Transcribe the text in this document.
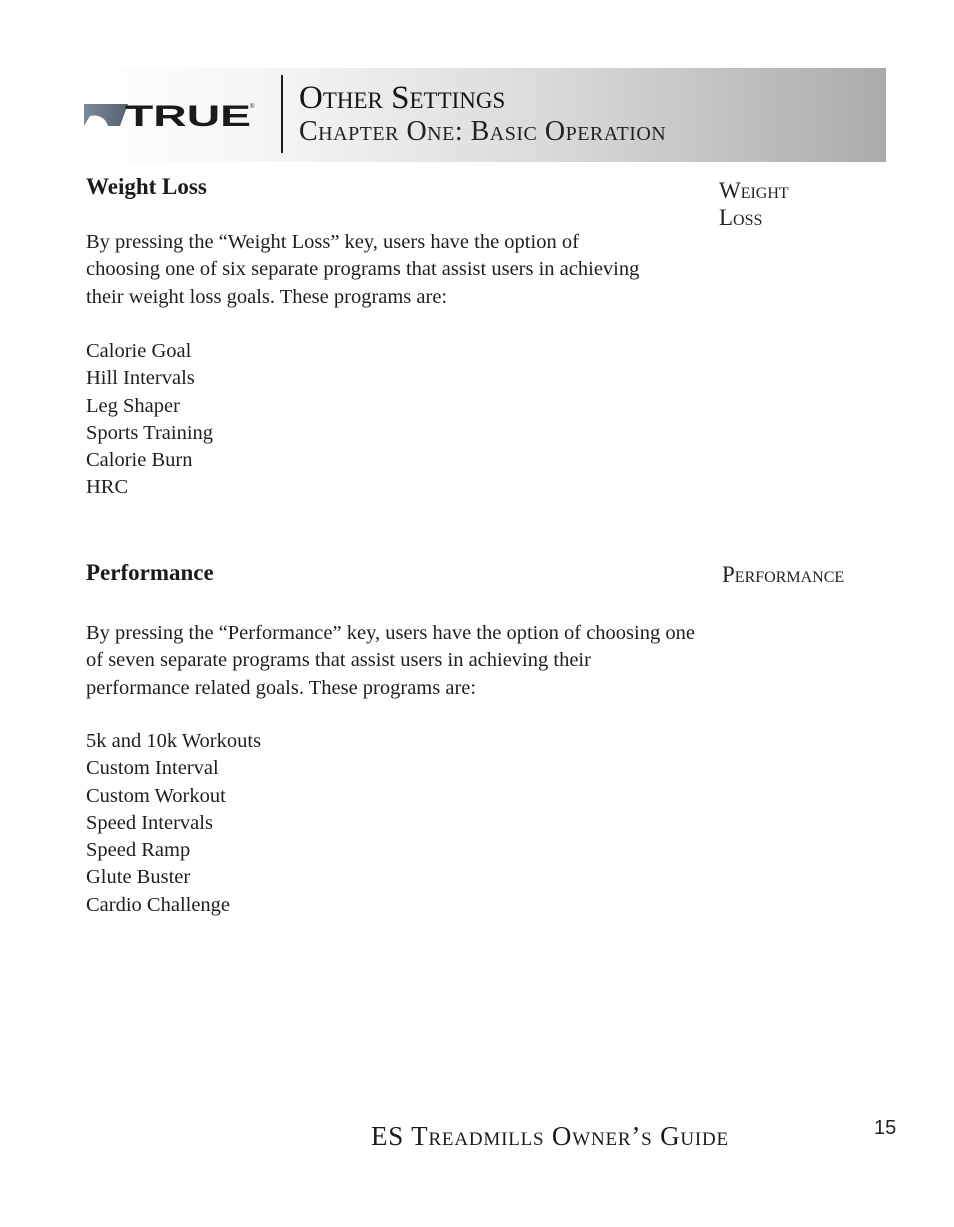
TRUE ® Other Settings
Chapter One: Basic Operation
Weight Loss	Weight Loss

By pressing the “Weight Loss” key, users have the option of choosing one of six separate programs that assist users in achieving their weight loss goals. These programs are:

Calorie Goal
Hill Intervals
Leg Shaper
Sports Training
Calorie Burn
HRC
Performance	Performance

By pressing the “Performance” key, users have the option of choosing one of seven separate programs that assist users in achieving their performance related goals. These programs are:

5k and 10k Workouts
Custom Interval
Custom Workout
Speed Intervals
Speed Ramp
Glute Buster
Cardio Challenge
ES Treadmills Owner’s Guide	15
